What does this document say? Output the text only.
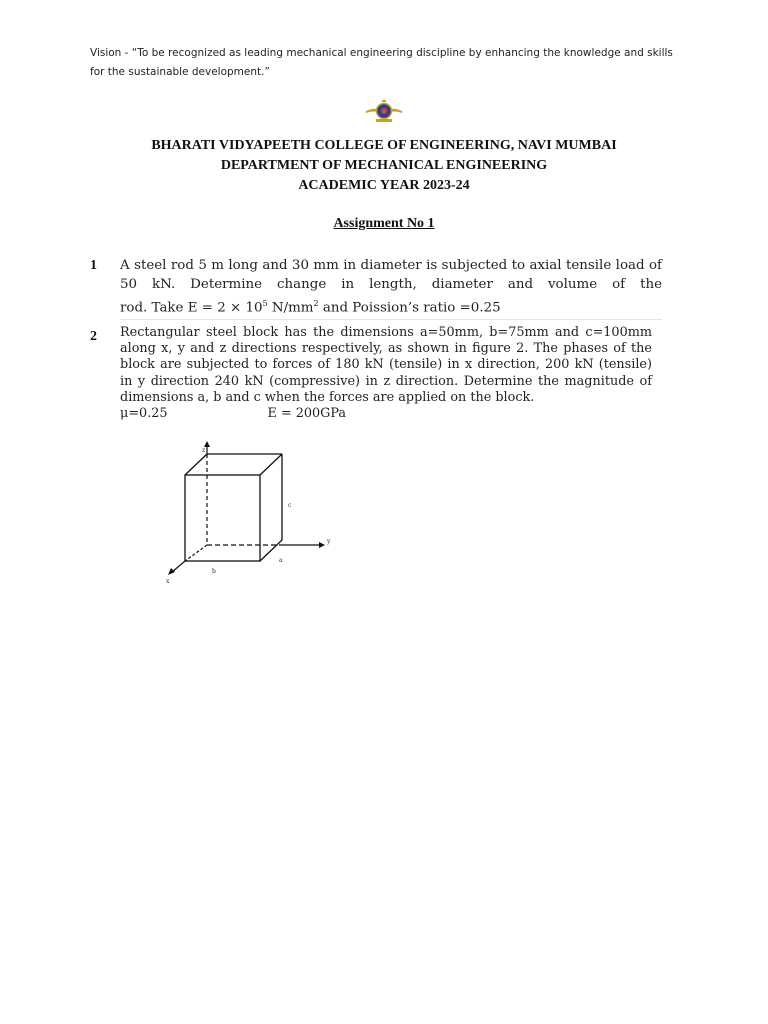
Vision - “To be recognized as leading mechanical engineering discipline by enhancing the knowledge and skills for the sustainable development.”
BHARATI VIDYAPEETH COLLEGE OF ENGINEERING, NAVI MUMBAI
DEPARTMENT OF MECHANICAL ENGINEERING
ACADEMIC YEAR 2023-24
Assignment No 1
1 A steel rod 5 m long and 30 mm in diameter is subjected to axial tensile load of 50 kN. Determine change in length, diameter and volume of the
rod. Take $E = 2 \times 10^5$ $N/mm^2$ and Poission’s ratio =0.25
2 Rectangular steel block has the dimensions a=50mm, b=75mm and c=100mm along x, y and z directions respectively, as shown in figure 2. The phases of the block are subjected to forces of 180 kN (tensile) in x direction, 200 kN (tensile) in y direction 240 kN (compressive) in z direction. Determine the magnitude of dimensions a, b and c when the forces are applied on the block.
μ=0.25	E = 200GPa
z
y
x
a
b
c
